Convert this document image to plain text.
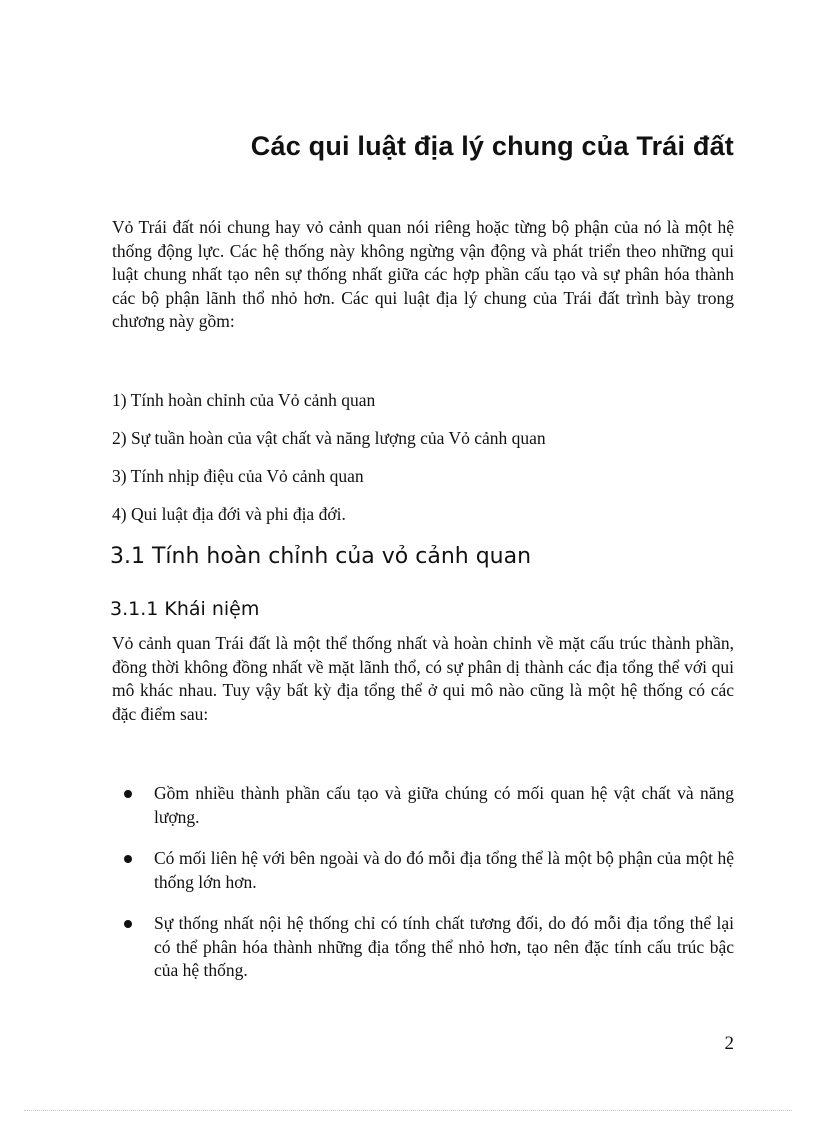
Các qui luật địa lý chung của Trái đất

Vỏ Trái đất nói chung hay vỏ cảnh quan nói riêng hoặc từng bộ phận của nó là một hệ thống động lực. Các hệ thống này không ngừng vận động và phát triển theo những qui luật chung nhất tạo nên sự thống nhất giữa các hợp phần cấu tạo và sự phân hóa thành các bộ phận lãnh thổ nhỏ hơn. Các qui luật địa lý chung của Trái đất trình bày trong chương này gồm:

1) Tính hoàn chỉnh của Vỏ cảnh quan
2) Sự tuần hoàn của vật chất và năng lượng của Vỏ cảnh quan
3) Tính nhịp điệu của Vỏ cảnh quan
4) Qui luật địa đới và phi địa đới.
3.1 Tính hoàn chỉnh của vỏ cảnh quan
3.1.1 Khái niệm

Vỏ cảnh quan Trái đất là một thể thống nhất và hoàn chỉnh về mặt cấu trúc thành phần, đồng thời không đồng nhất về mặt lãnh thổ, có sự phân dị thành các địa tổng thể với qui mô khác nhau. Tuy vậy bất kỳ địa tổng thể ở qui mô nào cũng là một hệ thống có các đặc điểm sau:

Gồm nhiều thành phần cấu tạo và giữa chúng có mối quan hệ vật chất và năng lượng.
Có mối liên hệ với bên ngoài và do đó mỗi địa tổng thể là một bộ phận của một hệ thống lớn hơn.
Sự thống nhất nội hệ thống chỉ có tính chất tương đối, do đó mỗi địa tổng thể lại có thể phân hóa thành những địa tổng thể nhỏ hơn, tạo nên đặc tính cấu trúc bậc của hệ thống.
2
